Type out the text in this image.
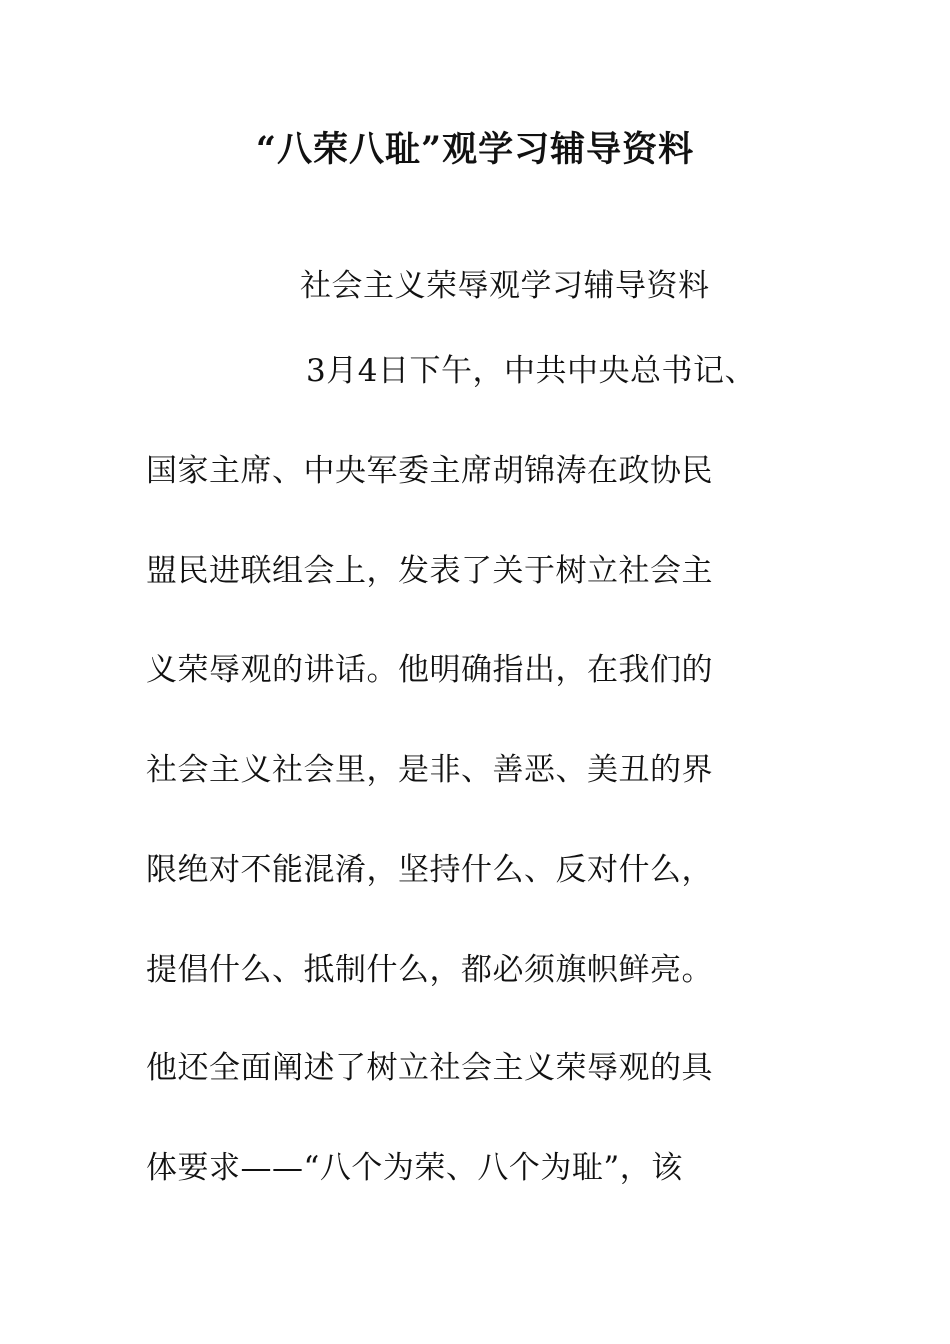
“八荣八耻”观学习辅导资料
社会主义荣辱观学习辅导资料
3月4日下午，中共中央总书记、
国家主席、中央军委主席胡锦涛在政协民
盟民进联组会上，发表了关于树立社会主
义荣辱观的讲话。他明确指出，在我们的
社会主义社会里，是非、善恶、美丑的界
限绝对不能混淆，坚持什么、反对什么，
提倡什么、抵制什么，都必须旗帜鲜亮。
他还全面阐述了树立社会主义荣辱观的具
体要求——“八个为荣、八个为耻”，该
